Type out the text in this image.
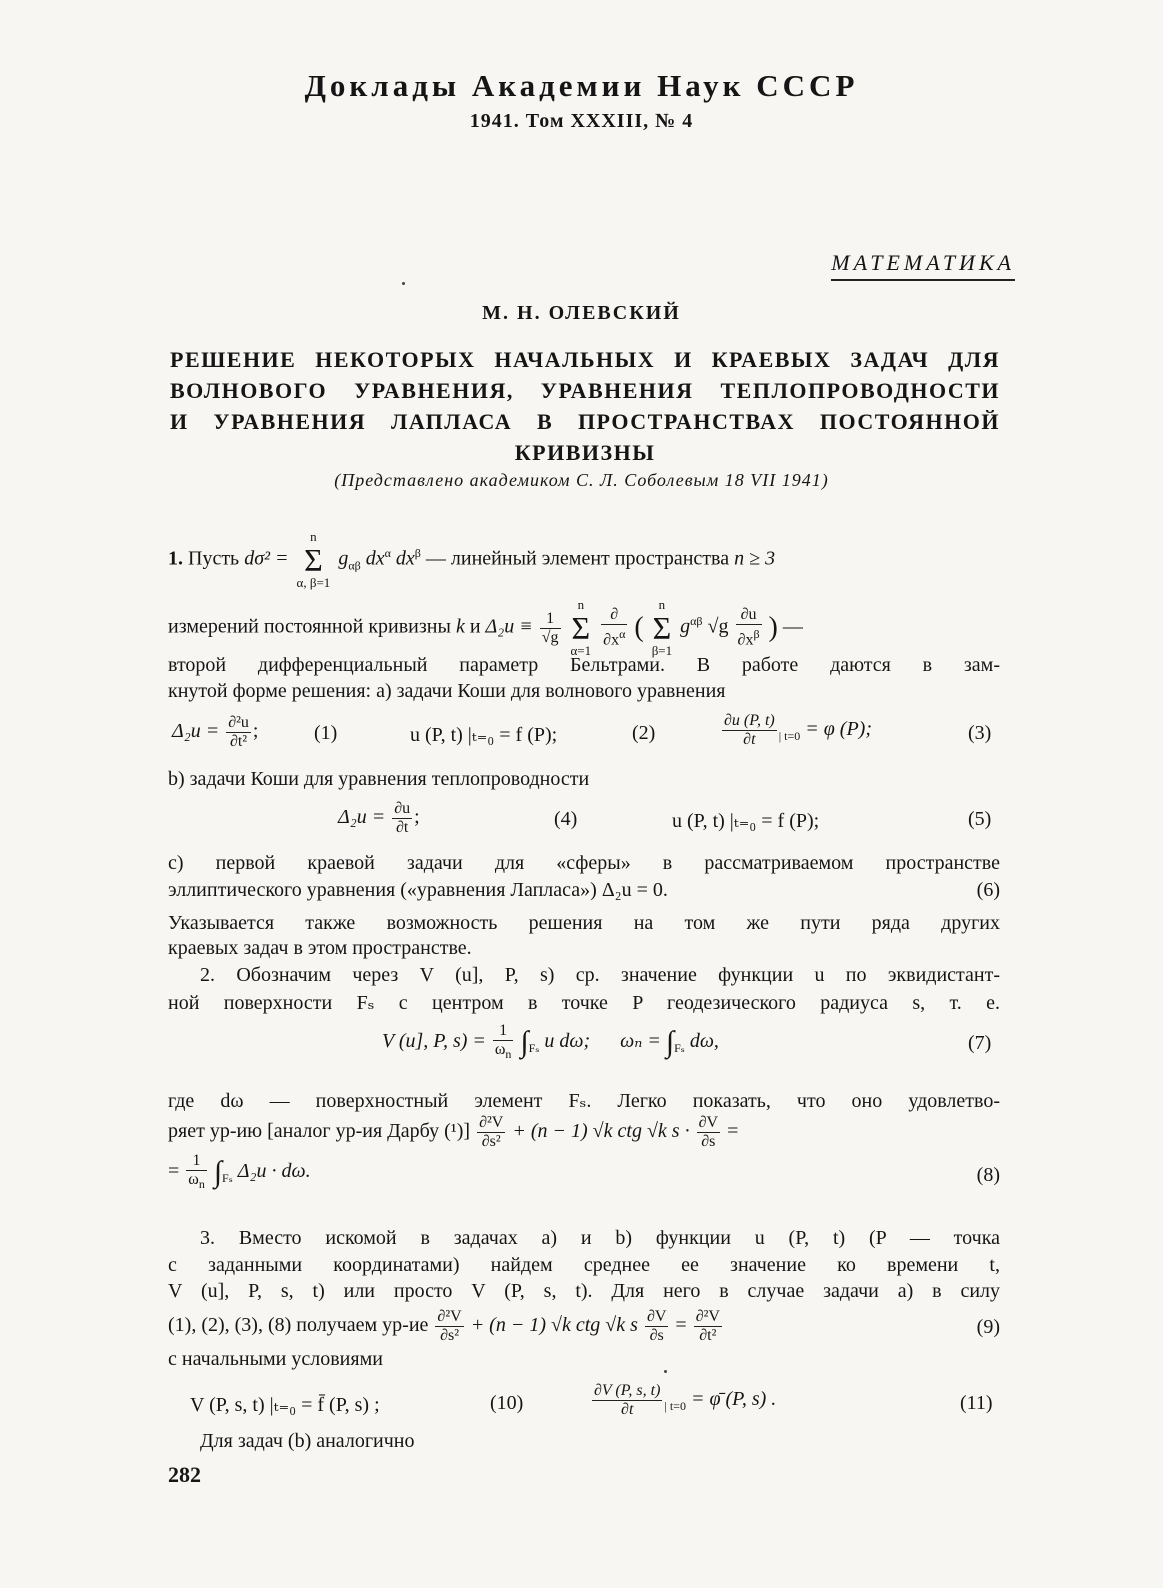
Доклады Академии Наук СССР
1941. Том XXXIII, № 4
МАТЕМАТИКА
М. Н. ОЛЕВСКИЙ
РЕШЕНИЕ НЕКОТОРЫХ НАЧАЛЬНЫХ И КРАЕВЫХ ЗАДАЧ ДЛЯ
ВОЛНОВОГО УРАВНЕНИЯ, УРАВНЕНИЯ ТЕПЛОПРОВОДНОСТИ
И УРАВНЕНИЯ ЛАПЛАСА В ПРОСТРАНСТВАХ ПОСТОЯННОЙ
КРИВИЗНЫ
(Представлено академиком С. Л. Соболевым 18 VII 1941)
1. Пусть dσ² = n
Σ
α, β=1 $g_{\alpha\beta}$ $dx^\alpha$ $dx^\beta$ — линейный элемент пространства n ≥ 3
измерений постоянной кривизны k и $\Delta_2u \equiv \frac{1}{√g}$
n
Σ
α=1
$\frac{\partial}{\partial x^\alpha}$ ( n
Σ
β=1 $g^{\alpha\beta}$ $√g \frac{\partial u}{\partial x^\beta}$ ) —
второй дифференциальный параметр Бельтрами. В работе даются в зам-
кнутой форме решения: a) задачи Коши для волнового уравнения
$\Delta_2u = \frac{\text{∂²u}}{\text{∂t²}}$ ;	(1)	u (P, t) |ₜ₌₀ = f (P);	(2)	$\frac{\partial u (P, t)}{\partial t} _{| t=0} = \varphi$ (P);	(3)
b) задачи Коши для уравнения теплопроводности
$\Delta_2u = \frac{\partial u}{\partial t}$ ;	(4)	u (P, t) |ₜ₌₀ = f (P);	(5)
c) первой краевой задачи для «сферы» в рассматриваемом пространстве
эллиптического уравнения («уравнения Лапласа») Δ₂u = 0.	(6)
Указывается также возможность решения на том же пути ряда других
краевых задач в этом пространстве.
2. Обозначим через V (u], P, s) ср. значение функции u по эквидистант-
ной поверхности Fₛ с центром в точке P геодезического радиуса s, т. е.
V (u], P, $s) = \frac{1}{\omega_n} \int_{F_s}$ u dω; $\omega_n = \int_{F_s}$ dω,	(7)
где dω — поверхностный элемент Fₛ. Легко показать, что оно удовлетво-
ряет ур-ию [аналог ур-ия Дарбу $(^1)] \frac{\text{∂²V}}{\text{∂s²}} + (n - 1)$ √k ctg √k $s \cdot \frac{\partial V}{\partial s}$ =
= $\frac{1}{\omega_n} \int_{F_s}$ Δ₂u · dω.	(8)
3. Вместо искомой в задачах a) и b) функции u (P, t) (P — точка
с заданными координатами) найдем среднее ее значение ко времени t,
V (u], P, s, t) или просто V (P, s, t). Для него в случае задачи a) в силу
(1), (2), (3), (8) получаем $ур-ие \frac{\text{∂²V}}{\text{∂s²}} + (n - 1)$ √k ctg √k s $\frac{\partial V}{\partial s} = \frac{\text{∂²V}}{\text{∂t²}}$	(9)
с начальными условиями
V (P, s, t) |ₜ₌₀ = f̄ (P, s) ;	(10)	$\frac{\partial V (P, s, t)}{\partial t} _{| t=0}$ = φ̄ (P, s) .	(11)
Для задач (b) аналогично
282
